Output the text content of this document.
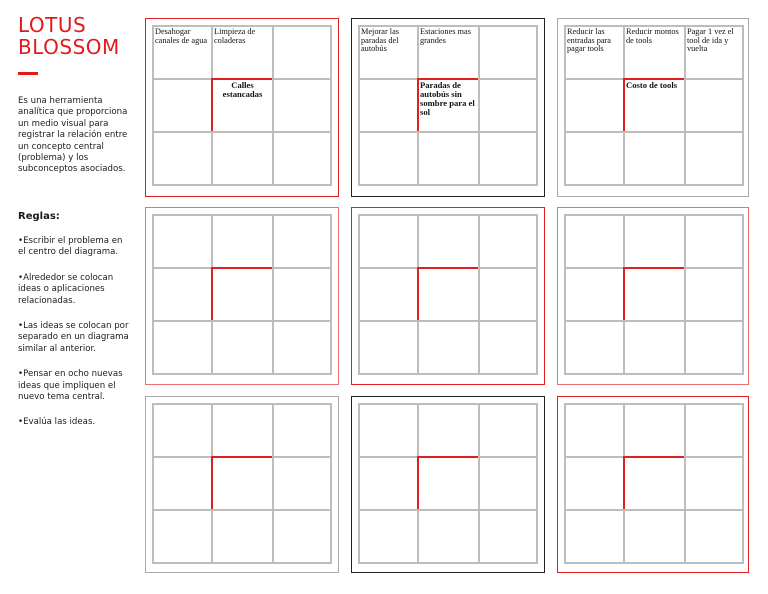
LOTUS
BLOSSOM

Es una herramienta analítica que proporciona un medio visual para registrar la relación entre un concepto central (problema) y los subconceptos asociados.

Reglas:

•Escribir el problema en el centro del diagrama.
•Alrededor se colocan ideas o aplicaciones relacionadas.
•Las ideas se colocan por separado en un diagrama similar al anterior.
•Pensar en ocho nuevas ideas que impliquen el nuevo tema central.
•Evalúa las ideas.
Desahogar canales de agua
Limpieza de coladeras
Calles estancadas
Mejorar las paradas del autobús
Estaciones mas grandes
Paradas de autobús sin sombre para el sol
Reducir las entradas para pagar tools
Reducir montos de tools
Pagar 1 vez el tool de ida y vuelta
Costo de tools
